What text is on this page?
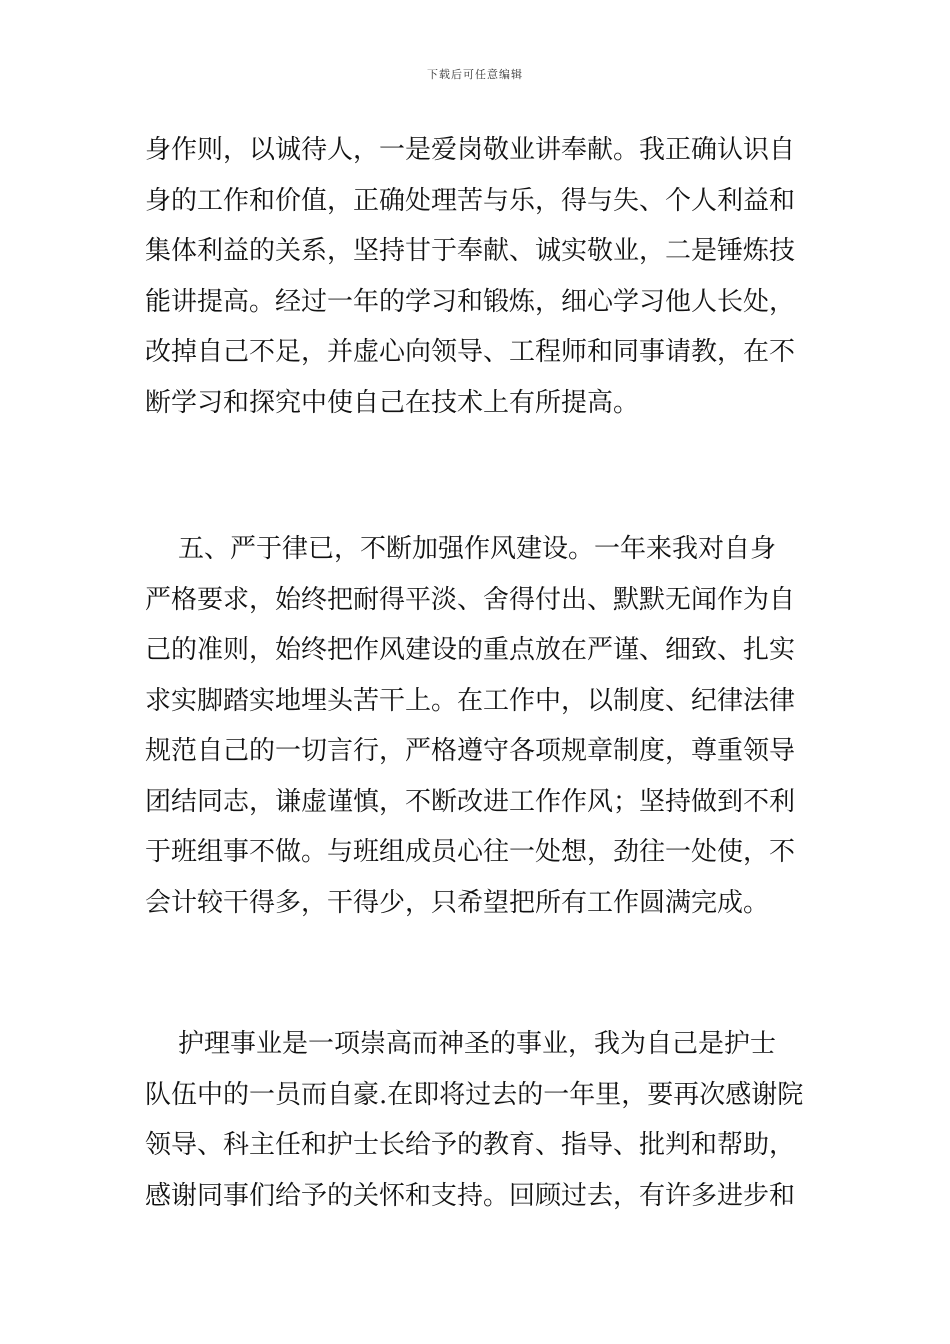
下载后可任意编辑
身作则，以诚待人，一是爱岗敬业讲奉献。我正确认识自
身的工作和价值，正确处理苦与乐，得与失、个人利益和
集体利益的关系，坚持甘于奉献、诚实敬业，二是锤炼技
能讲提高。经过一年的学习和锻炼，细心学习他人长处，
改掉自己不足，并虚心向领导、工程师和同事请教，在不
断学习和探究中使自己在技术上有所提高。
五、严于律已，不断加强作风建设。一年来我对自身
严格要求，始终把耐得平淡、舍得付出、默默无闻作为自
己的准则，始终把作风建设的重点放在严谨、细致、扎实
求实脚踏实地埋头苦干上。在工作中，以制度、纪律法律
规范自己的一切言行，严格遵守各项规章制度，尊重领导
团结同志，谦虚谨慎，不断改进工作作风；坚持做到不利
于班组事不做。与班组成员心往一处想，劲往一处使，不
会计较干得多，干得少，只希望把所有工作圆满完成。
护理事业是一项崇高而神圣的事业，我为自己是护士
队伍中的一员而自豪.在即将过去的一年里，要再次感谢院
领导、科主任和护士长给予的教育、指导、批判和帮助，
感谢同事们给予的关怀和支持。回顾过去，有许多进步和
